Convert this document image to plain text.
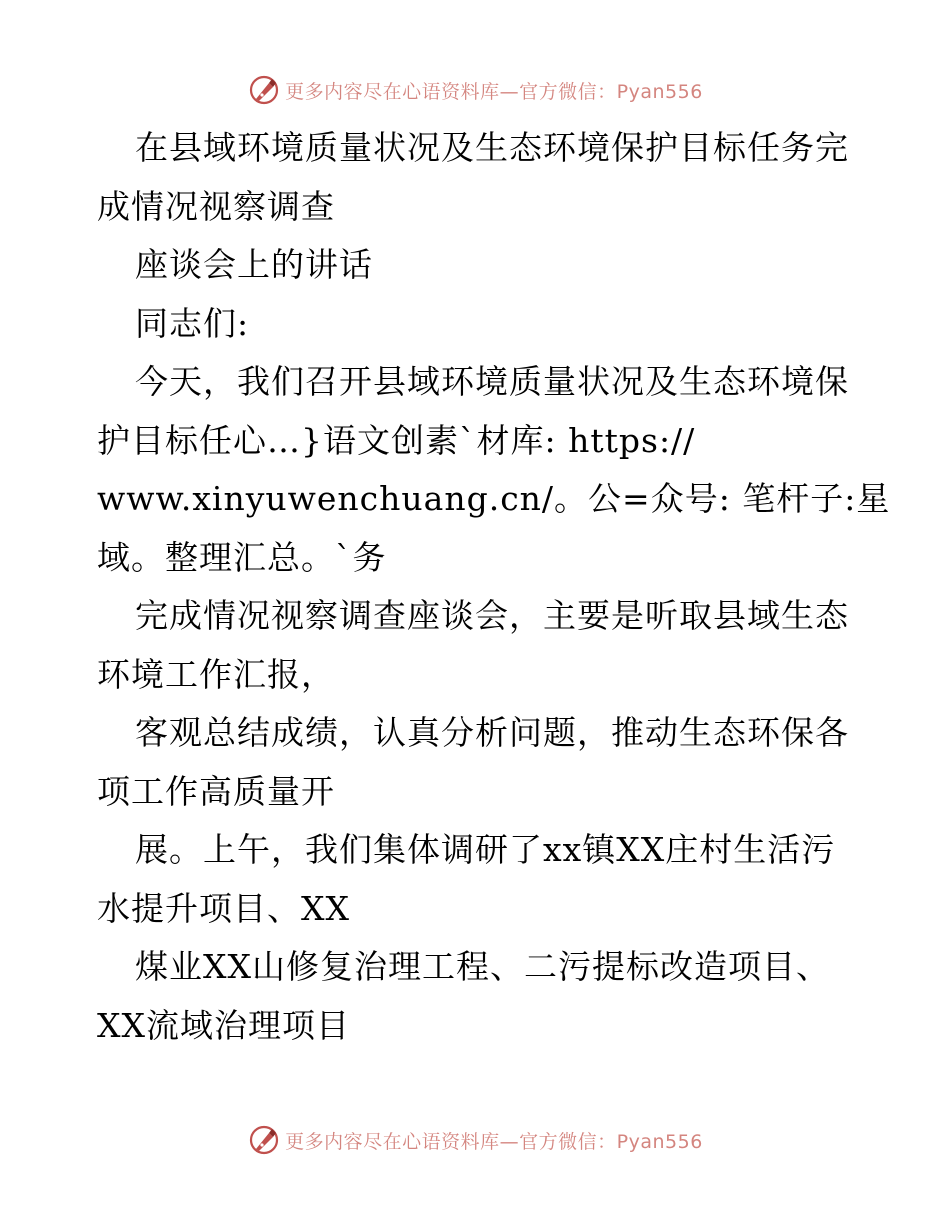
更多内容尽在心语资料库—官方微信：Pyan556
在县域环境质量状况及生态环境保护目标任务完
成情况视察调查
座谈会上的讲话
同志们:
今天，我们召开县域环境质量状况及生态环境保
护目标任心…}语文创素`材库: https://
www.xinyuwenchuang.cn/。公=众号: 笔杆子:星
域。整理汇总。`务
完成情况视察调查座谈会，主要是听取县域生态
环境工作汇报，
客观总结成绩，认真分析问题，推动生态环保各
项工作高质量开
展。上午，我们集体调研了xx镇XX庄村生活污
水提升项目、XX
煤业XX山修复治理工程、二污提标改造项目、
XX流域治理项目
更多内容尽在心语资料库—官方微信：Pyan556
